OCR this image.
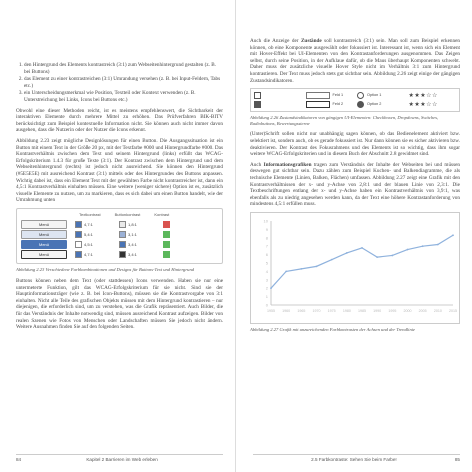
1. den Hintergrund des Elements kontrastreich (3:1) zum Webseitenhintergrund gestalten (z. B. bei Buttons)
2. das Element zu einer kontrastreichen (3:1) Umrandung versehen (z. B. bei Input-Feldern, Tabs etc.)
3. ein Unterscheidungsmerkmal wie Position, Textteil oder Kontext verwenden (z. B. Unterstreichung bei Links, Icons bei Buttons etc.)

Obwohl eine dieser Methoden reicht, ist es meistens empfehlenswert, die Sichtbarkeit der interaktiven Elemente durch mehrere Mittel zu erhöhen. Das Prüfverfahren BIK-BITV berücksichtigt zum Beispiel kontextuelle Information nicht. Sie können auch nicht immer davon ausgehen, dass die Nutzerin oder der Nutzer die Icons erkennt.

Abbildung 2.23 zeigt mögliche Designlösungen für einen Button. Die Ausgangssituation ist ein Button mit einem Text in der Größe 20 px, mit der Textfarbe #000 und Hintergrundfarbe #000. Das Kontrastverhältnis zwischen dem Text und seinem Hintergrund (links) erfüllt das WCAG-Erfolgskriterium 1.4.3 für große Texte (3:1). Der Kontrast zwischen dem Hintergrund und dem Webseitenhintergrund (rechts) ist jedoch nicht ausreichend. Sie können den Hintergrund (#5E5E5E) mit ausreichend Kontrast (3:1) mittels oder des Hintergrundes des Buttons anpassen. Wichtig dabei ist, dass ein Element Text mit der gewählten Farbe nicht kontrastreicher ist, dann ein 4,5:1 Kontrastverhältnis einhalten müssen. Eine weitere (weniger sichere) Option ist es, zusätzlich visuelle Elemente zu nutzen, um zu markieren, dass es sich dabei um einen Button handelt, wie der Umrahmung unten

Textkontrast	Buttonkontrast	Kontrast
Menü	4,7:1	1,8:1
Menü	5,4:1	3,1:1
Menü	4,5:1	3,4:1
Menü	4,7:1	3,4:1
Abbildung 2.23 Verschiedene Farbkombinationen und Designs für Buttons-Text und Hintergrund

Buttons können neben dem Text (oder stattdessen) Icons verwenden. Haben sie nur eine untermeterte Funktion, gilt das WCAG-Erfolgskriterium für sie nicht. Sind sie der Hauptinformationsträger (wie z. B. bei Icon-Buttons), müssen sie die Kontrastvorgabe von 3:1 einhalten. Nicht alle Teile des grafischen Objekts müssen mit dem Hintergrund kontrastieren – nur diejenigen, die erforderlich sind, um zu verstehen, was die Grafik repräsentiert. Auch Bilder, die für das Verständnis der Inhalte notwendig sind, müssen ausreichend Kontrast aufzeigen. Bilder von realen Szenen wie Fotos von Menschen oder Landschaften müssen Sie jedoch nicht ändern. Weitere Ausnahmen finden Sie auf den folgenden Seiten.

84	Kapitel 2 Barrieren im Web erleben

Auch die Anzeige der Zustände soll kontrastreich (3:1) sein. Man soll zum Beispiel erkennen können, ob eine Komponente ausgewählt oder fokussiert ist. Interessant ist, wenn sich ein Element mit Hover-Effekt bei UI-Elementen von den Kontrastanforderungen ausgenommen. Das Zeigen selbst, durch seine Position, in der Aufklaue dafür, ob die Maus überhaupt Komponenten schwebt. Daher muss der zusätzliche visuelle Hover Style nicht im Verhältnis 3:1 zum Hintergrund kontrastieren. Der Text muss jedoch stets gut sichtbar sein. Abbildung 2.26 zeigt einige der gängigen Zustandsindikatoren.

Feld 1
Feld 2
Option 1
Option 2
★★★☆☆
★★★☆☆
Abbildung 2.26 Zustandsindikatoren von gängigen UI-Elementen: Checkboxen, Dropdowns, Switches, Radiobuttons, Bewertungssterne

(Unter)Schrift sollen nicht nur unabhängig sagen können, ob das Bedienelement aktiviert bzw. selektiert ist, sondern auch, ob es gerade fokussiert ist. Nur dann können sie es sicher aktivieren bzw. deaktivieren. Der Kontrast des Fokusrahmens und des Elements ist so wichtig, dass ihm sogar weitere WCAG-Erfolgskriterien und in diesem Buch der Abschnitt 2.8 gewidmet sind.

Auch Informationsgrafiken tragen zum Verständnis der Inhalte der Webseiten bei und müssen deswegen gut sichtbar sein. Dazu zählen zum Beispiel Kuchen- und Balkendiagramme, die als technische Elemente (Linien, Balken, Flächen) umfassen. Abbildung 2.27 zeigt eine Grafik mit den Kontrastverhältnissen der x- und y-Achse von 2,8:1 und der blauen Linie von 2,3:1. Die Textbeschriftungen entlang der x- und y-Achse haben ein Kontrastverhältnis von 3,9:1, was ebenfalls als zu niedrig angesehen werden kann, da der Text eine höhere Kontrastanforderung von mindestens 4,5:1 erfüllen muss.

0
1
2
3
4
5
6
7
8
9
10
1955 1960 1965 1970 1975 1980 1985 1990 1995 2000 2005 2010 2015
Abbildung 2.27 Grafik mit unzureichenden Farbkontrasten der Achsen und der Trendlinie
2.5 Farbkontraste: Sehen Sie beim Farbe!	85
